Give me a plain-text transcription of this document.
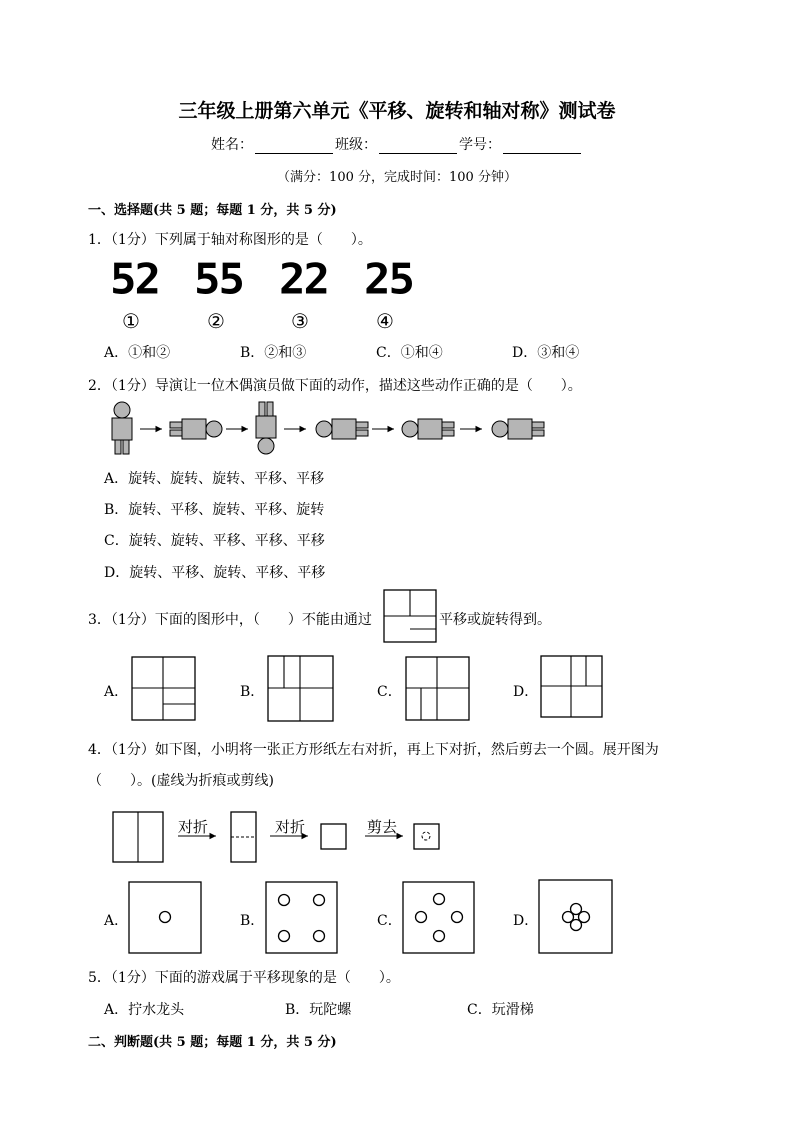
三年级上册第六单元《平移、旋转和轴对称》测试卷
姓名：	班级：	学号：
（满分：100 分，完成时间：100 分钟）
一、选择题(共 5 题；每题 1 分，共 5 分)
1．（1分）下列属于轴对称图形的是（　　）。
52 55 22 25
①	②	③	④
A．①和②	B．②和③	C．①和④	D．③和④
2．（1分）导演让一位木偶演员做下面的动作，描述这些动作正确的是（　　）。
A．旋转、旋转、旋转、平移、平移
B．旋转、平移、旋转、平移、旋转
C．旋转、旋转、平移、平移、平移
D．旋转、平移、旋转、平移、平移
3．（1分）下面的图形中，（　　）不能由通过	平移或旋转得到。
A．	B．	C．	D．
4．（1分）如下图，小明将一张正方形纸左右对折，再上下对折，然后剪去一个圆。展开图为
（　　）。(虚线为折痕或剪线)
对折	对折	剪去
A．	B．	C．	D．
5．（1分）下面的游戏属于平移现象的是（　　）。
A．拧水龙头	B．玩陀螺	C．玩滑梯
二、判断题(共 5 题；每题 1 分，共 5 分)
